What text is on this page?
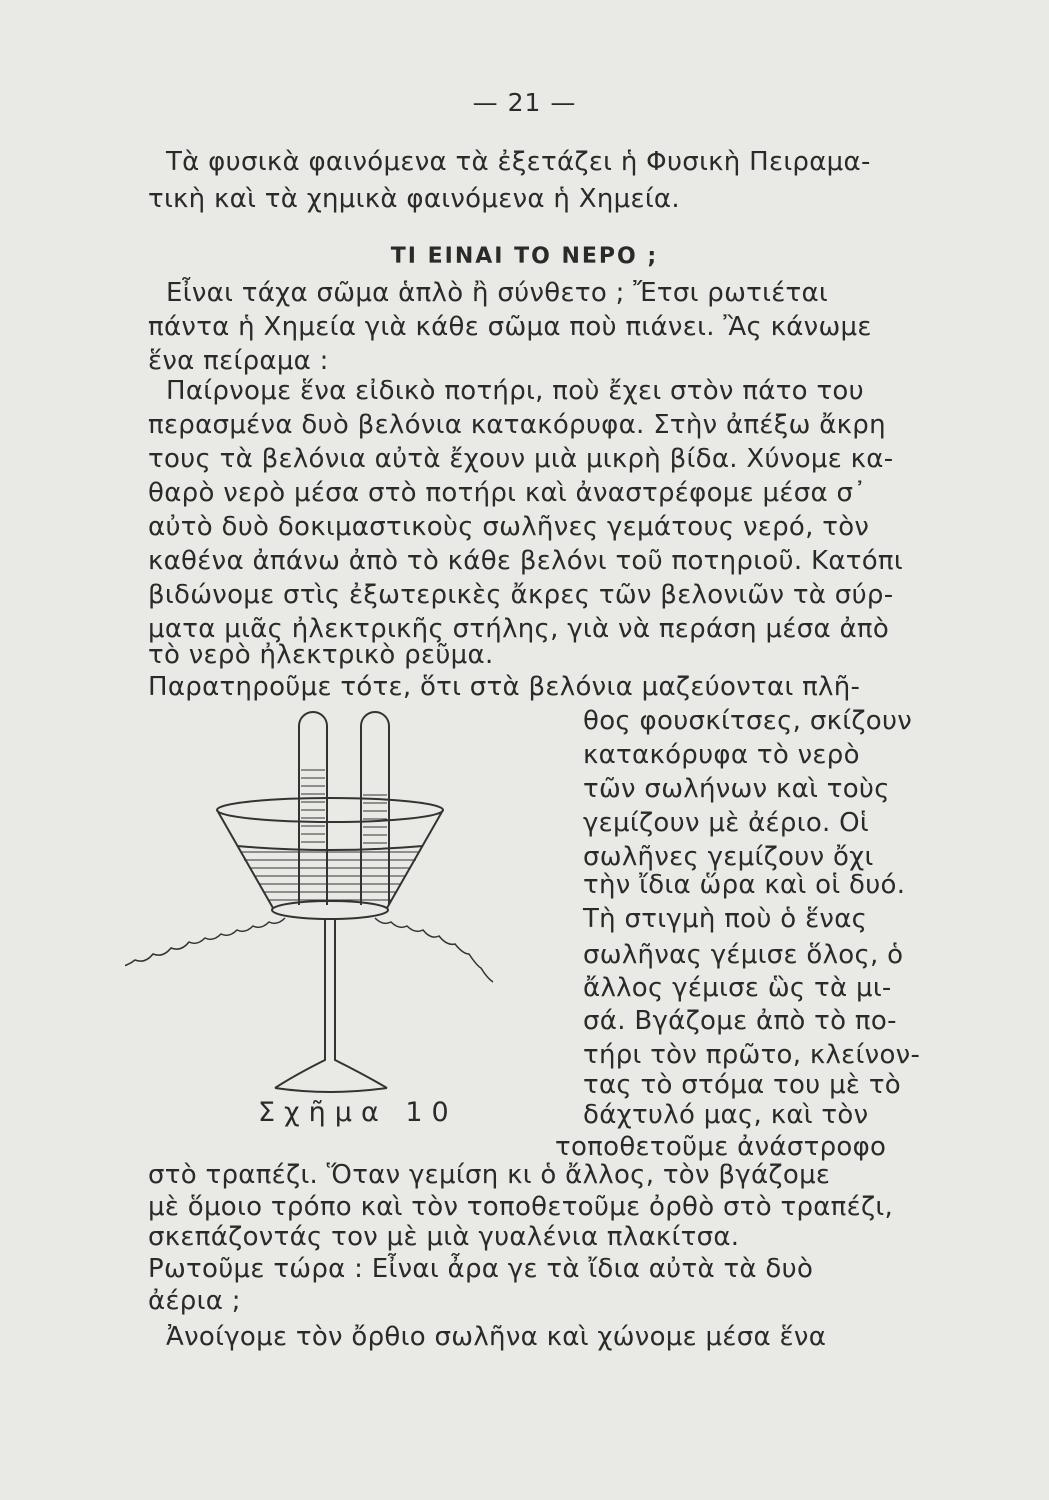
— 21 —
Τὰ φυσικὰ φαινόμενα τὰ ἐξετάζει ἡ Φυσικὴ Πειραμα-
τικὴ καὶ τὰ χημικὰ φαινόμενα ἡ Χημεία.
ΤΙ ΕΙΝΑΙ ΤΟ ΝΕΡΟ ;
Εἶναι τάχα σῶμα ἁπλὸ ἢ σύνθετο ; Ἔτσι ρωτιέται
πάντα ἡ Χημεία γιὰ κάθε σῶμα ποὺ πιάνει. Ἂς κάνωμε
ἕνα πείραμα :
Παίρνομε ἕνα εἰδικὸ ποτήρι, ποὺ ἔχει στὸν πάτο του
περασμένα δυὸ βελόνια κατακόρυφα. Στὴν ἀπέξω ἄκρη
τους τὰ βελόνια αὐτὰ ἔχουν μιὰ μικρὴ βίδα. Χύνομε κα-
θαρὸ νερὸ μέσα στὸ ποτήρι καὶ ἀναστρέφομε μέσα σ᾽
αὐτὸ δυὸ δοκιμαστικοὺς σωλῆνες γεμάτους νερό, τὸν
καθένα ἀπάνω ἀπὸ τὸ κάθε βελόνι τοῦ ποτηριοῦ. Κατόπι
βιδώνομε στὶς ἐξωτερικὲς ἄκρες τῶν βελονιῶν τὰ σύρ-
ματα μιᾶς ἠλεκτρικῆς στήλης, γιὰ νὰ περάση μέσα ἀπὸ
τὸ νερὸ ἠλεκτρικὸ ρεῦμα.
Παρατηροῦμε τότε, ὅτι στὰ βελόνια μαζεύονται πλῆ-
θος φουσκίτσες, σκίζουν
κατακόρυφα τὸ νερὸ
τῶν σωλήνων καὶ τοὺς
γεμίζουν μὲ ἀέριο. Οἱ
σωλῆνες γεμίζουν ὄχι
τὴν ἴδια ὥρα καὶ οἱ δυό.
Τὴ στιγμὴ ποὺ ὁ ἕνας
σωλῆνας γέμισε ὅλος, ὁ
ἄλλος γέμισε ὣς τὰ μι-
σά. Βγάζομε ἀπὸ τὸ πο-
τήρι τὸν πρῶτο, κλείνον-
τας τὸ στόμα του μὲ τὸ
δάχτυλό μας, καὶ τὸν
τοποθετοῦμε ἀνάστροφο
στὸ τραπέζι. Ὅταν γεμίση κι ὁ ἄλλος, τὸν βγάζομε
μὲ ὅμοιο τρόπο καὶ τὸν τοποθετοῦμε ὀρθὸ στὸ τραπέζι,
σκεπάζοντάς τον μὲ μιὰ γυαλένια πλακίτσα.
Ρωτοῦμε τώρα : Εἶναι ἆρα γε τὰ ἴδια αὐτὰ τὰ δυὸ
ἀέρια ;
Ἀνοίγομε τὸν ὄρθιο σωλῆνα καὶ χώνομε μέσα ἕνα
Σχῆμα 10
